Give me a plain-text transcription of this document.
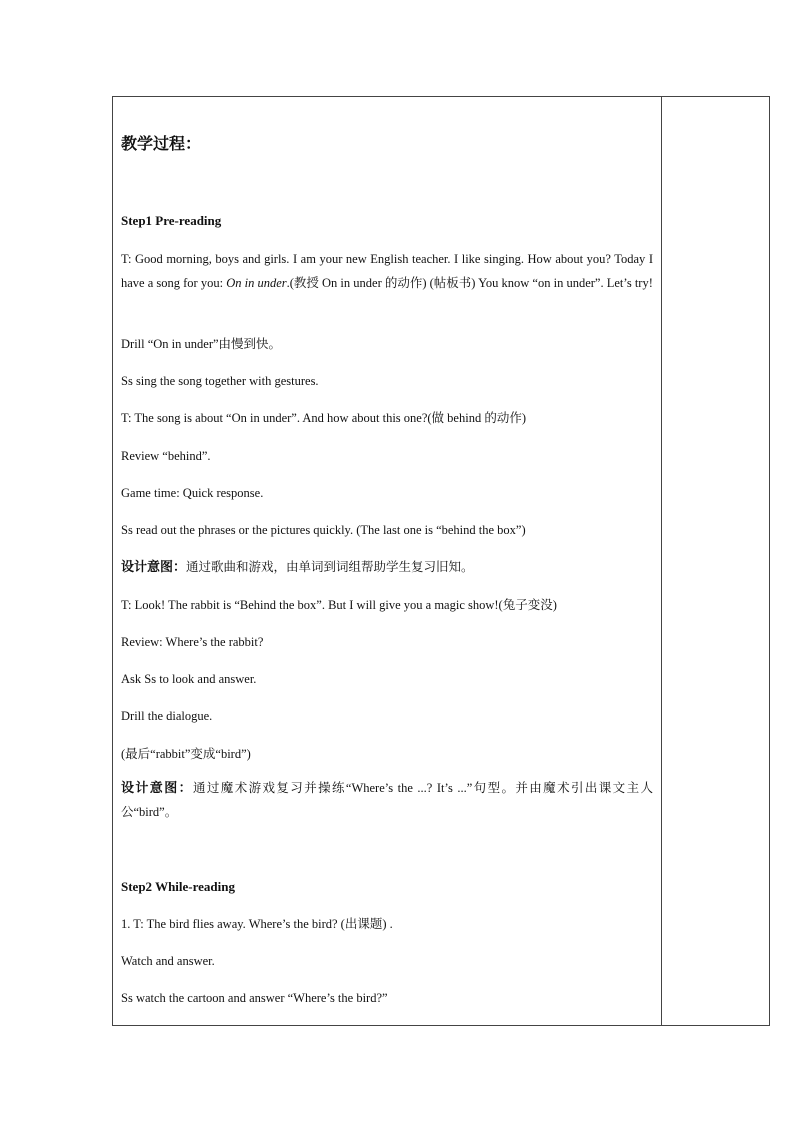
教学过程：
Step1 Pre-reading
T: Good morning, boys and girls. I am your new English teacher. I like singing. How about you? Today I have a song for you: On in under.(教授 On in under 的动作) (帖板书) You know “on in under”. Let’s try!
Drill “On in under”由慢到快。
Ss sing the song together with gestures.
T: The song is about “On in under”. And how about this one?(做 behind 的动作)
Review “behind”.
Game time: Quick response.
Ss read out the phrases or the pictures quickly. (The last one is “behind the box”)
设计意图：通过歌曲和游戏，由单词到词组帮助学生复习旧知。
T: Look! The rabbit is “Behind the box”. But I will give you a magic show!(兔子变没)
Review: Where’s the rabbit?
Ask Ss to look and answer.
Drill the dialogue.
(最后“rabbit”变成“bird”)
设计意图：通过魔术游戏复习并操练“Where’s the ...? It’s ...”句型。并由魔术引出课文主人公“bird”。
Step2 While-reading
1. T: The bird flies away. Where’s the bird? (出课题) .
Watch and answer.
Ss watch the cartoon and answer “Where’s the bird?”
